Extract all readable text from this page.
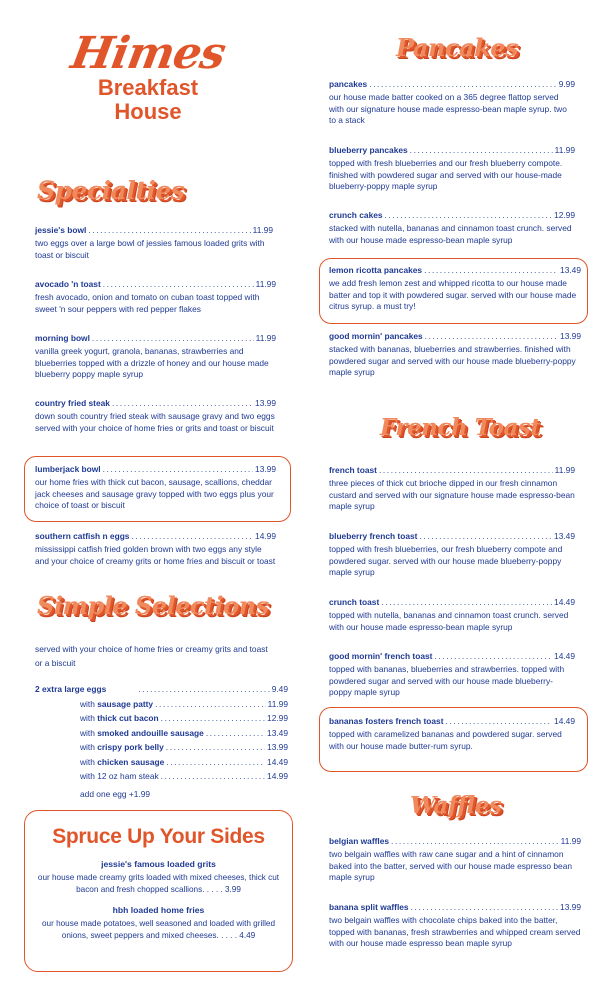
Himes
Breakfast
House
Specialties
Simple Selections
jessie's bowl .....	11.99
two eggs over a large bowl of jessies famous loaded grits with toast or biscuit
avocado 'n toast .....	11.99
fresh avocado, onion and tomato on cuban toast topped with sweet 'n sour peppers with red pepper flakes
morning bowl .....	11.99
vanilla greek yogurt, granola, bananas, strawberries and blueberries topped with a drizzle of honey and our house made blueberry poppy maple syrup
country fried steak .....	13.99
down south country fried steak with sausage gravy and two eggs served with your choice of home fries or grits and toast or biscuit
lumberjack bowl .....	13.99
our home fries with thick cut bacon, sausage, scallions, cheddar jack cheeses and sausage gravy topped with two eggs plus your choice of toast or biscuit
southern catfish n eggs .....	14.99
mississippi catfish fried golden brown with two eggs any style and your choice of creamy grits or home fries and biscuit or toast
served with your choice of home fries or creamy grits and toast or a biscuit
2 extra large eggs .....	9.49
with sausage patty .....	11.99
with thick cut bacon .....	12.99
with smoked andouille sausage .....	13.49
with crispy pork belly .....	13.99
with chicken sausage .....	14.49
with 12 oz ham steak .....	14.99
add one egg +1.99
Spruce Up Your Sides
jessie's famous loaded grits
our house made creamy grits loaded with mixed cheeses, thick cut bacon and fresh chopped scallions. . . . . 3.99
hbh loaded home fries
our house made potatoes, well seasoned and loaded with grilled onions, sweet peppers and mixed cheeses. . . . . 4.49
Pancakes
French Toast
Waffles
pancakes .....	9.99
our house made batter cooked on a 365 degree flattop served with our signature house made espresso-bean maple syrup. two to a stack
blueberry pancakes .....	11.99
topped with fresh blueberries and our fresh blueberry compote. finished with powdered sugar and served with our house-made blueberry-poppy maple syrup
crunch cakes .....	12.99
stacked with nutella, bananas and cinnamon toast crunch. served with our house made espresso-bean maple syrup
lemon ricotta pancakes .....	13.49
we add fresh lemon zest and whipped ricotta to our house made batter and top it with powdered sugar. served with our house made citrus syrup. a must try!
good mornin' pancakes .....	13.99
stacked with bananas, blueberries and strawberries. finished with powdered sugar and served with our house made blueberry-poppy maple syrup
french toast .....	11.99
three pieces of thick cut brioche dipped in our fresh cinnamon custard and served with our signature house made espresso-bean maple syrup
blueberry french toast .....	13.49
topped with fresh blueberries, our fresh blueberry compote and powdered sugar. served with our house made blueberry-poppy maple syrup
crunch toast .....	14.49
topped with nutella, bananas and cinnamon toast crunch. served with our house made espresso-bean maple syrup
good mornin' french toast .....	14.49
topped with bananas, blueberries and strawberries. topped with powdered sugar and served with our house made blueberry-poppy maple syrup
bananas fosters french toast .....	14.49
topped with caramelized bananas and powdered sugar. served with our house made butter-rum syrup.
belgian waffles .....	11.99
two belgain waffles with raw cane sugar and a hint of cinnamon baked into the batter, served with our house made espresso bean maple syrup
banana split waffles .....	13.99
two belgain waffles with chocolate chips baked into the batter, topped with bananas, fresh strawberries and whipped cream served with our house made espresso bean maple syrup
